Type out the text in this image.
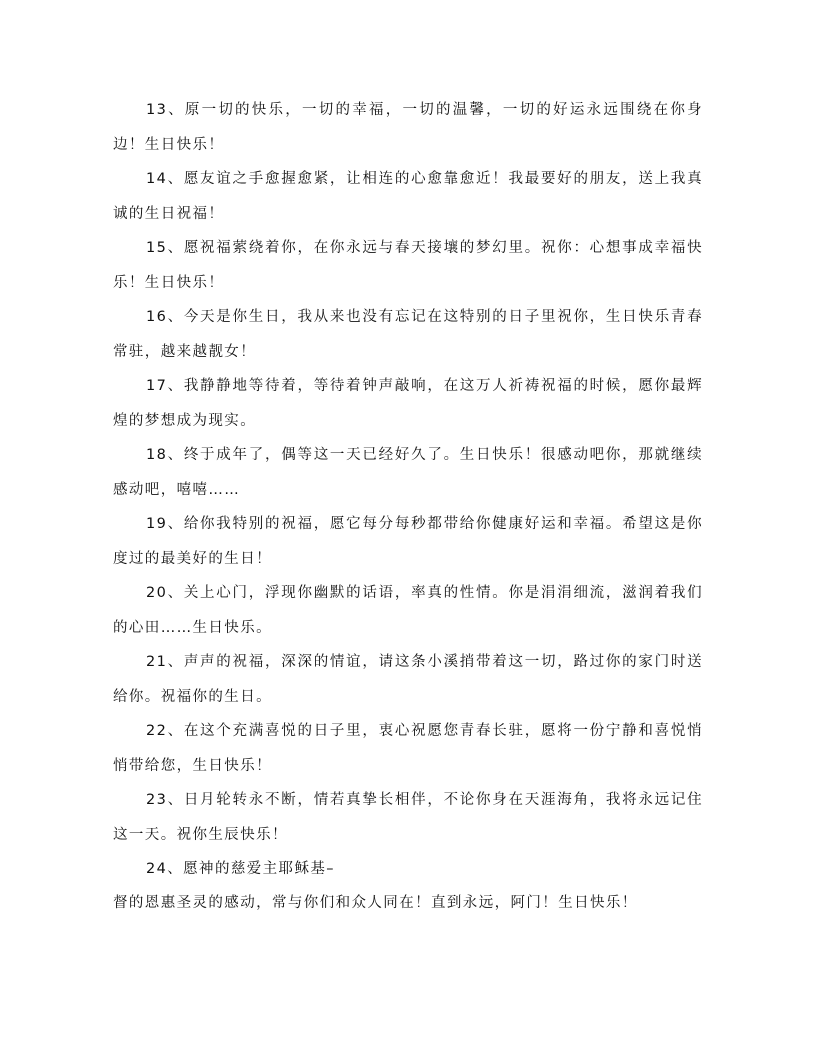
13、原一切的快乐，一切的幸福，一切的温馨，一切的好运永远围绕在你身边！生日快乐！

14、愿友谊之手愈握愈紧，让相连的心愈靠愈近！我最要好的朋友，送上我真诚的生日祝福！

15、愿祝福萦绕着你，在你永远与春天接壤的梦幻里。祝你：心想事成幸福快乐！生日快乐！

16、今天是你生日，我从来也没有忘记在这特别的日子里祝你，生日快乐青春常驻，越来越靓女！

17、我静静地等待着，等待着钟声敲响，在这万人祈祷祝福的时候，愿你最辉煌的梦想成为现实。

18、终于成年了，偶等这一天已经好久了。生日快乐！很感动吧你，那就继续感动吧，嘻嘻……

19、给你我特别的祝福，愿它每分每秒都带给你健康好运和幸福。希望这是你度过的最美好的生日！

20、关上心门，浮现你幽默的话语，率真的性情。你是涓涓细流，滋润着我们的心田……生日快乐。

21、声声的祝福，深深的情谊，请这条小溪捎带着这一切，路过你的家门时送给你。祝福你的生日。

22、在这个充满喜悦的日子里，衷心祝愿您青春长驻，愿将一份宁静和喜悦悄悄带给您，生日快乐！

23、日月轮转永不断，情若真挚长相伴，不论你身在天涯海角，我将永远记住这一天。祝你生辰快乐！

24、愿神的慈爱主耶稣基–

督的恩惠圣灵的感动，常与你们和众人同在！直到永远，阿门！生日快乐！
